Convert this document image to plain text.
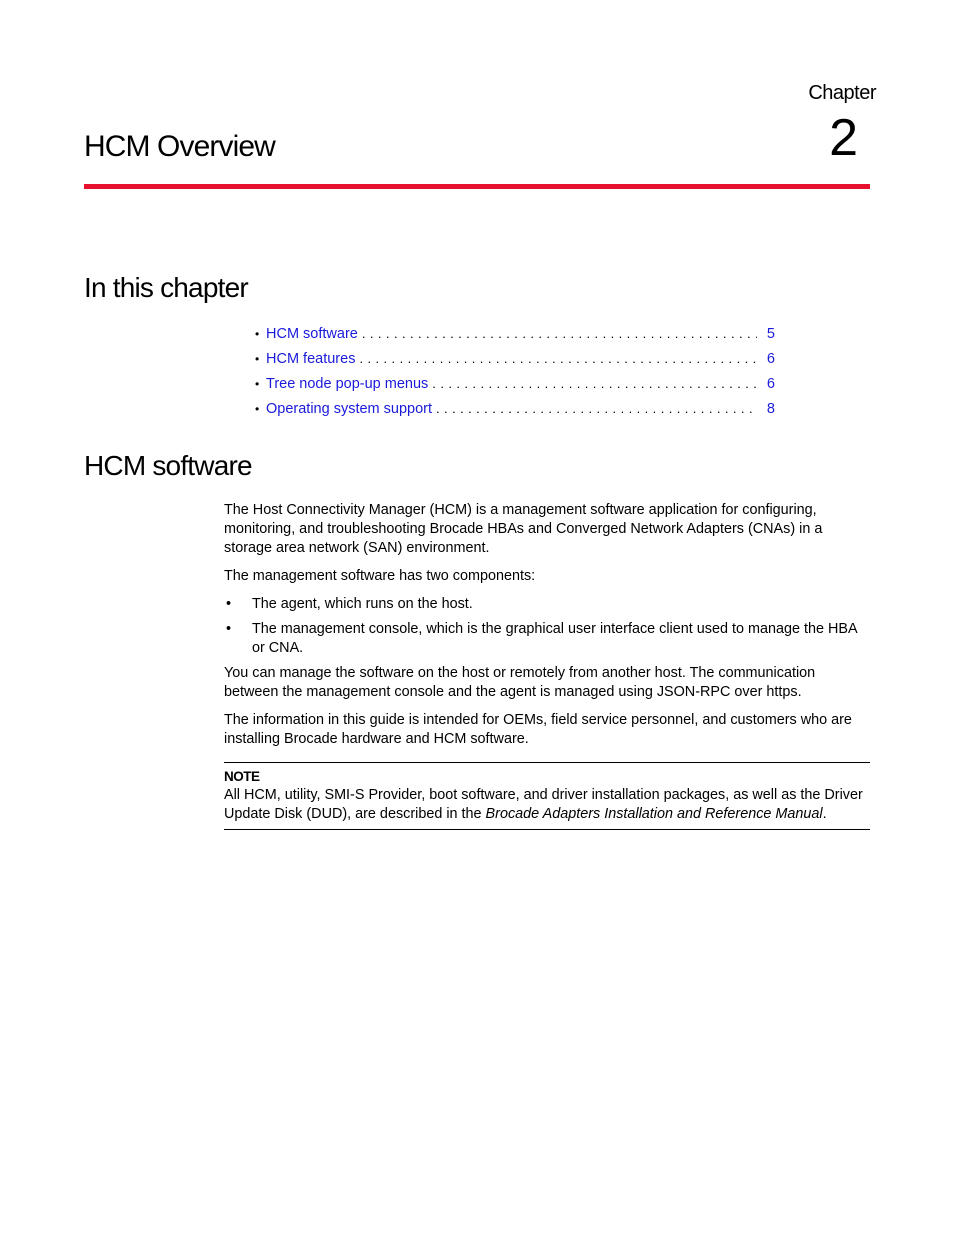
Chapter
2
HCM Overview
In this chapter
• HCM software . . .	5
• HCM features . . .	6
• Tree node pop-up menus . . .	6
• Operating system support . . .	8
HCM software

The Host Connectivity Manager (HCM) is a management software application for configuring, monitoring, and troubleshooting Brocade HBAs and Converged Network Adapters (CNAs) in a storage area network (SAN) environment.

The management software has two components:

•	The agent, which runs on the host.
•	The management console, which is the graphical user interface client used to manage the HBA or CNA.

You can manage the software on the host or remotely from another host. The communication between the management console and the agent is managed using JSON-RPC over https.

The information in this guide is intended for OEMs, field service personnel, and customers who are installing Brocade hardware and HCM software.

NOTE
All HCM, utility, SMI-S Provider, boot software, and driver installation packages, as well as the Driver Update Disk (DUD), are described in the Brocade Adapters Installation and Reference Manual.
